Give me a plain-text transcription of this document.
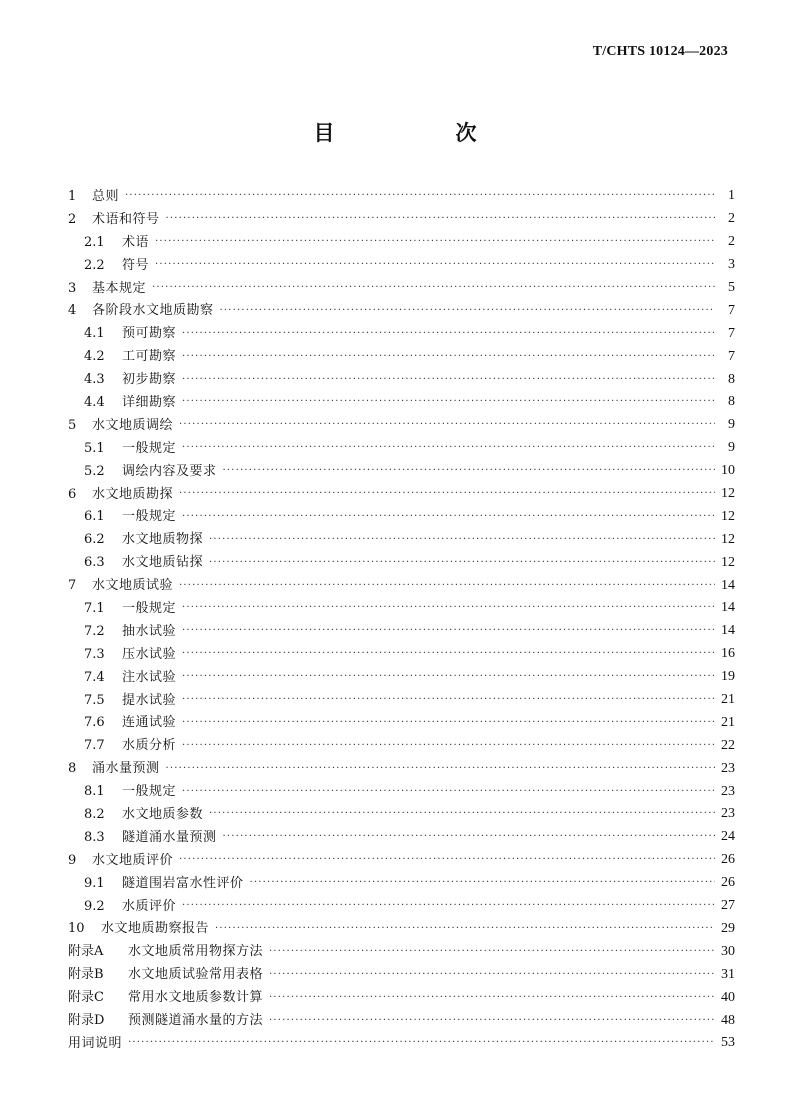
T/CHTS 10124—2023
目　次
1	总则 ·····	1
2	术语和符号 ·····	2
2.1	术语 ·····	2
2.2	符号 ·····	3
3	基本规定 ·····	5
4	各阶段水文地质勘察 ·····	7
4.1	预可勘察 ·····	7
4.2	工可勘察 ·····	7
4.3	初步勘察 ·····	8
4.4	详细勘察 ·····	8
5	水文地质调绘 ·····	9
5.1	一般规定 ·····	9
5.2	调绘内容及要求 ·····	10
6	水文地质勘探 ·····	12
6.1	一般规定 ·····	12
6.2	水文地质物探 ·····	12
6.3	水文地质钻探 ·····	12
7	水文地质试验 ·····	14
7.1	一般规定 ·····	14
7.2	抽水试验 ·····	14
7.3	压水试验 ·····	16
7.4	注水试验 ·····	19
7.5	提水试验 ·····	21
7.6	连通试验 ·····	21
7.7	水质分析 ·····	22
8	涌水量预测 ·····	23
8.1	一般规定 ·····	23
8.2	水文地质参数 ·····	23
8.3	隧道涌水量预测 ·····	24
9	水文地质评价 ·····	26
9.1	隧道围岩富水性评价 ·····	26
9.2	水质评价 ·····	27
10	水文地质勘察报告 ·····	29
附录A	水文地质常用物探方法 ·····	30
附录B	水文地质试验常用表格 ·····	31
附录C	常用水文地质参数计算 ·····	40
附录D	预测隧道涌水量的方法 ·····	48
用词说明 ·····	53
